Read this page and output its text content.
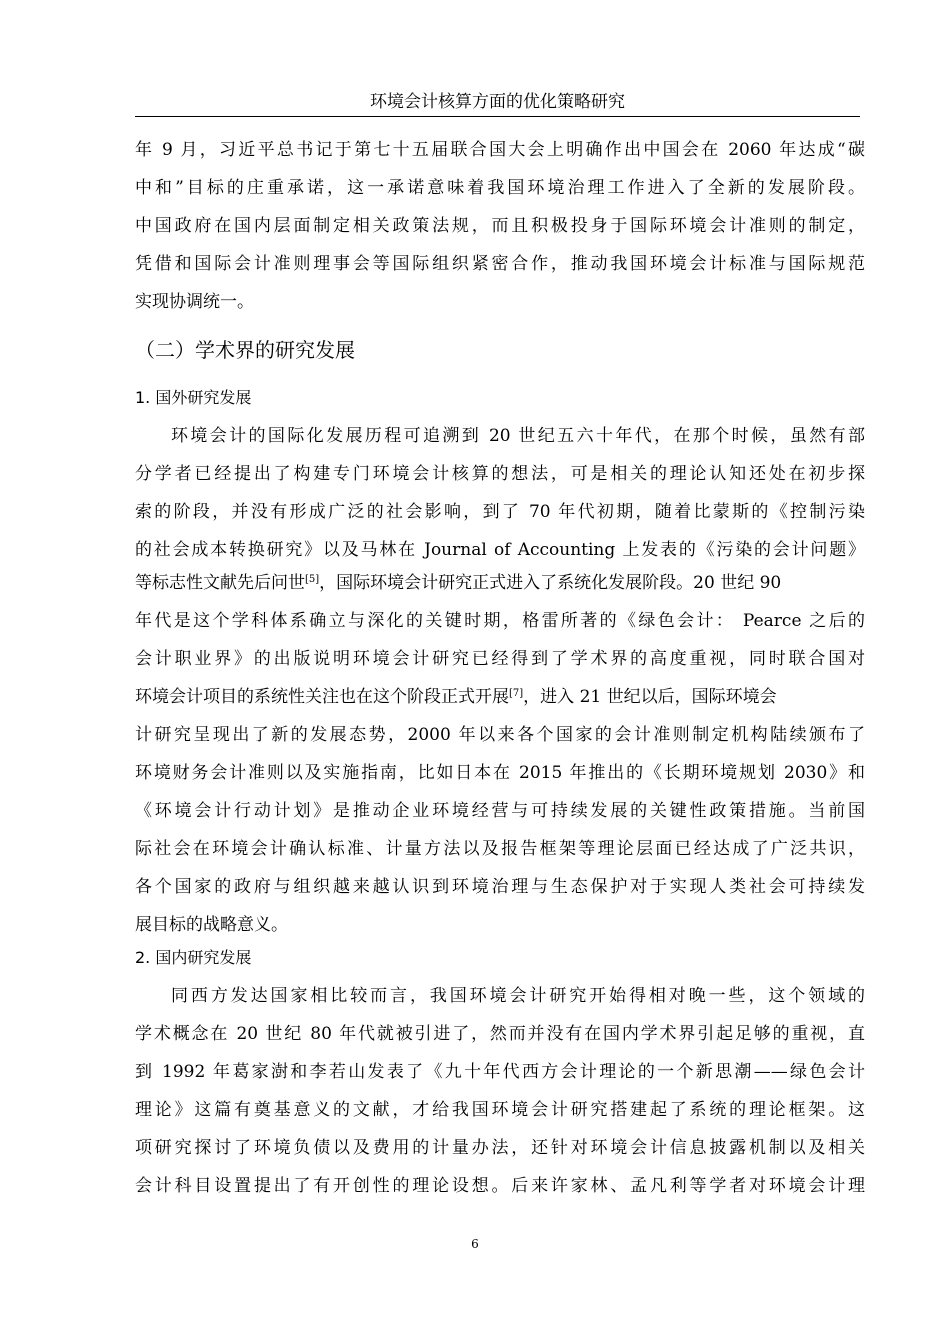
环境会计核算方面的优化策略研究
年 9 月，习近平总书记于第七十五届联合国大会上明确作出中国会在 2060 年达成“碳
中和”目标的庄重承诺，这一承诺意味着我国环境治理工作进入了全新的发展阶段。
中国政府在国内层面制定相关政策法规，而且积极投身于国际环境会计准则的制定，
凭借和国际会计准则理事会等国际组织紧密合作，推动我国环境会计标准与国际规范
实现协调统一。
（二）学术界的研究发展
1. 国外研究发展
环境会计的国际化发展历程可追溯到 20 世纪五六十年代，在那个时候，虽然有部
分学者已经提出了构建专门环境会计核算的想法，可是相关的理论认知还处在初步探
索的阶段，并没有形成广泛的社会影响，到了 70 年代初期，随着比蒙斯的《控制污染
的社会成本转换研究》以及马林在 Journal of Accounting 上发表的《污染的会计问题》
等标志性文献先后问世[5]，国际环境会计研究正式进入了系统化发展阶段。20 世纪 90
年代是这个学科体系确立与深化的关键时期，格雷所著的《绿色会计： Pearce 之后的
会计职业界》的出版说明环境会计研究已经得到了学术界的高度重视，同时联合国对
环境会计项目的系统性关注也在这个阶段正式开展[7]，进入 21 世纪以后，国际环境会
计研究呈现出了新的发展态势，2000 年以来各个国家的会计准则制定机构陆续颁布了
环境财务会计准则以及实施指南，比如日本在 2015 年推出的《长期环境规划 2030》和
《环境会计行动计划》是推动企业环境经营与可持续发展的关键性政策措施。当前国
际社会在环境会计确认标准、计量方法以及报告框架等理论层面已经达成了广泛共识，
各个国家的政府与组织越来越认识到环境治理与生态保护对于实现人类社会可持续发
展目标的战略意义。
2. 国内研究发展
同西方发达国家相比较而言，我国环境会计研究开始得相对晚一些，这个领域的
学术概念在 20 世纪 80 年代就被引进了，然而并没有在国内学术界引起足够的重视，直
到 1992 年葛家澍和李若山发表了《九十年代西方会计理论的一个新思潮——绿色会计
理论》这篇有奠基意义的文献，才给我国环境会计研究搭建起了系统的理论框架。这
项研究探讨了环境负债以及费用的计量办法，还针对环境会计信息披露机制以及相关
会计科目设置提出了有开创性的理论设想。后来许家林、孟凡利等学者对环境会计理
6
